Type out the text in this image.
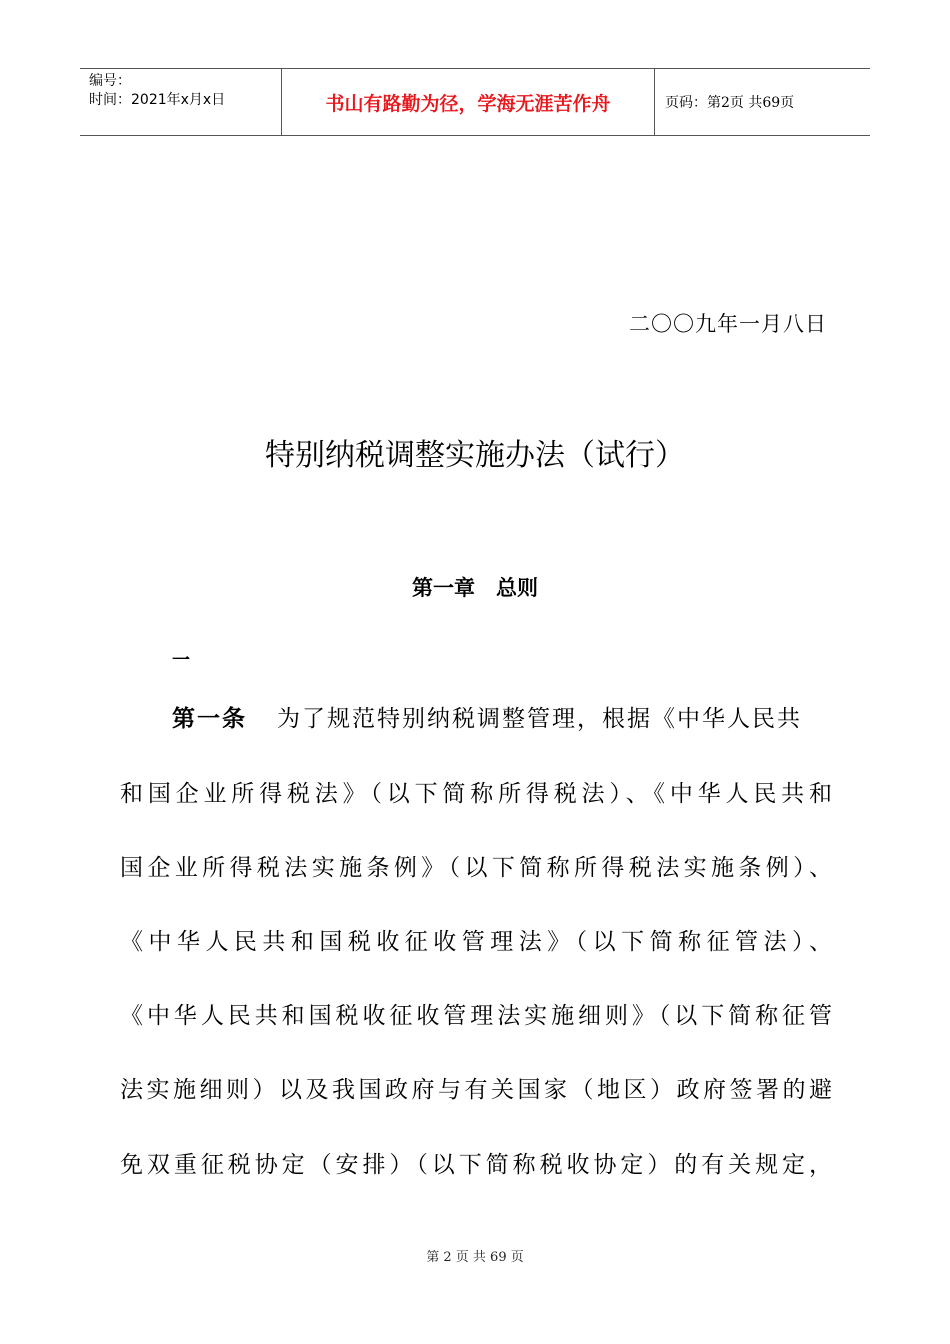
编号：
时间：2021年x月x日	书山有路勤为径，学海无涯苦作舟	页码：第2页 共69页
二〇〇九年一月八日
特别纳税调整实施办法（试行）
第一章　总则
一
第一条 为了规范特别纳税调整管理，根据《中华人民共
和国企业所得税法》（以下简称所得税法）、《中华人民共和
国企业所得税法实施条例》（以下简称所得税法实施条例）、
《中华人民共和国税收征收管理法》（以下简称征管法）、
《中华人民共和国税收征收管理法实施细则》（以下简称征管
法实施细则）以及我国政府与有关国家（地区）政府签署的避
免双重征税协定（安排）（以下简称税收协定）的有关规定，
第 2 页 共 69 页
